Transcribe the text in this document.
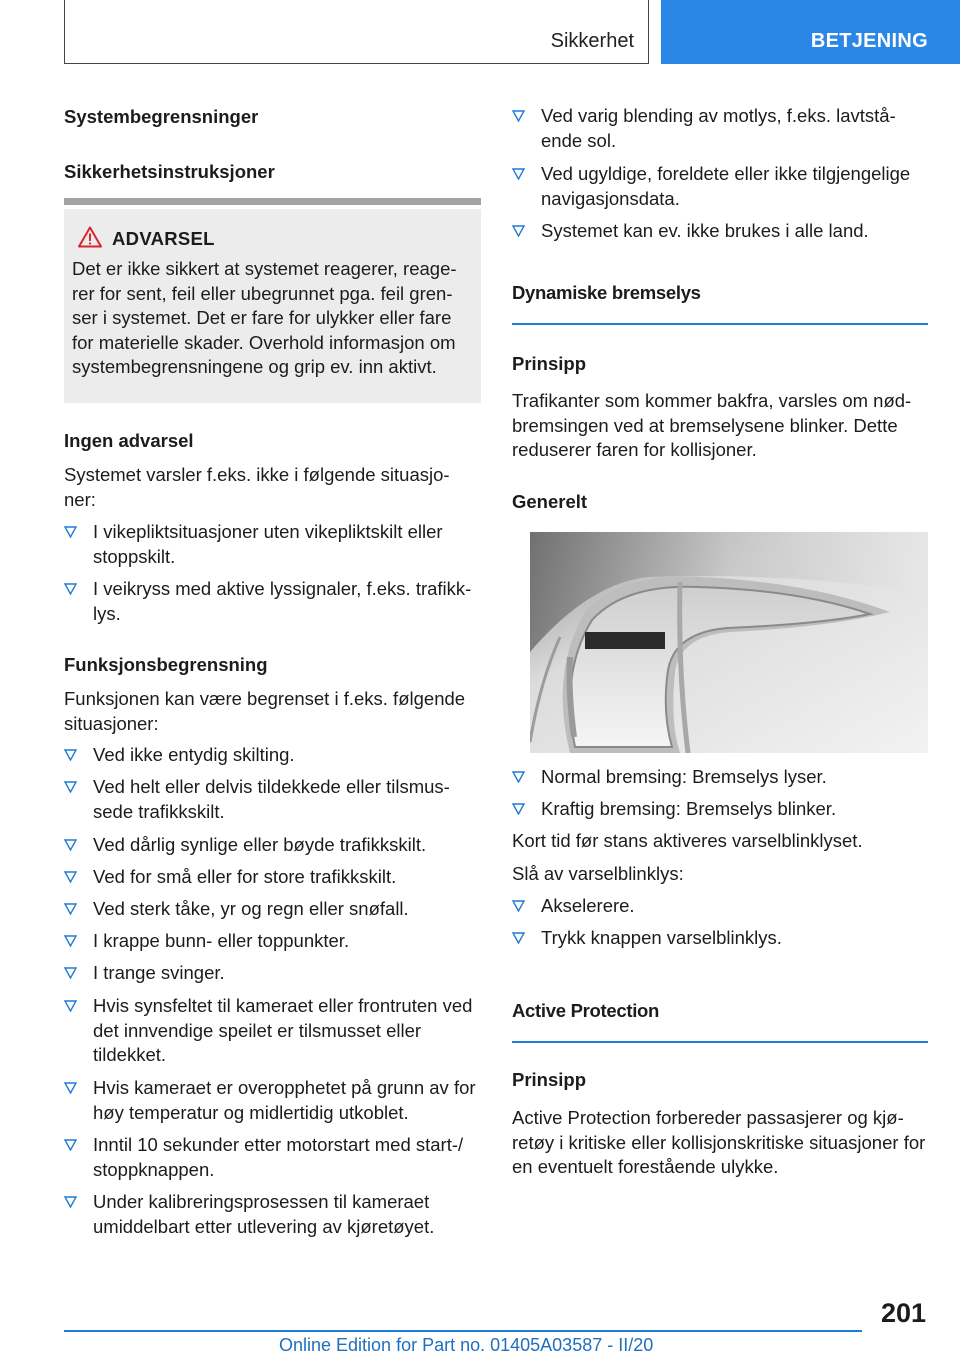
Sikkerhet	BETJENING
Systembegrensninger
Sikkerhetsinstruksjoner
ADVARSEL
Det er ikke sikkert at systemet reagerer, reage-rer for sent, feil eller ubegrunnet pga. feil gren-ser i systemet. Det er fare for ulykker eller fare for materielle skader. Overhold informasjon om systembegrensningene og grip ev. inn aktivt.
Ingen advarsel
Systemet varsler f.eks. ikke i følgende situasjo-ner:
I vikepliktsituasjoner uten vikepliktskilt eller stoppskilt.
I veikryss med aktive lyssignaler, f.eks. trafikk-lys.
Funksjonsbegrensning
Funksjonen kan være begrenset i f.eks. følgende situasjoner:
Ved ikke entydig skilting.
Ved helt eller delvis tildekkede eller tilsmus-sede trafikkskilt.
Ved dårlig synlige eller bøyde trafikkskilt.
Ved for små eller for store trafikkskilt.
Ved sterk tåke, yr og regn eller snøfall.
I krappe bunn- eller toppunkter.
I trange svinger.
Hvis synsfeltet til kameraet eller frontruten ved det innvendige speilet er tilsmusset eller tildekket.
Hvis kameraet er overopphetet på grunn av for høy temperatur og midlertidig utkoblet.
Inntil 10 sekunder etter motorstart med start-/ stoppknappen.
Under kalibreringsprosessen til kameraet umiddelbart etter utlevering av kjøretøyet.
Ved varig blending av motlys, f.eks. lavtstå-ende sol.
Ved ugyldige, foreldete eller ikke tilgjengelige navigasjonsdata.
Systemet kan ev. ikke brukes i alle land.
Dynamiske bremselys
Prinsipp
Trafikanter som kommer bakfra, varsles om nød-bremsingen ved at bremselysene blinker. Dette reduserer faren for kollisjoner.
Generelt
Normal bremsing: Bremselys lyser.
Kraftig bremsing: Bremselys blinker.
Kort tid før stans aktiveres varselblinklyset.
Slå av varselblinklys:
Akselerere.
Trykk knappen varselblinklys.
Active Protection
Prinsipp
Active Protection forbereder passasjerer og kjø-retøy i kritiske eller kollisjonskritiske situasjoner for en eventuelt forestående ulykke.
201
Online Edition for Part no. 01405A03587 - II/20
